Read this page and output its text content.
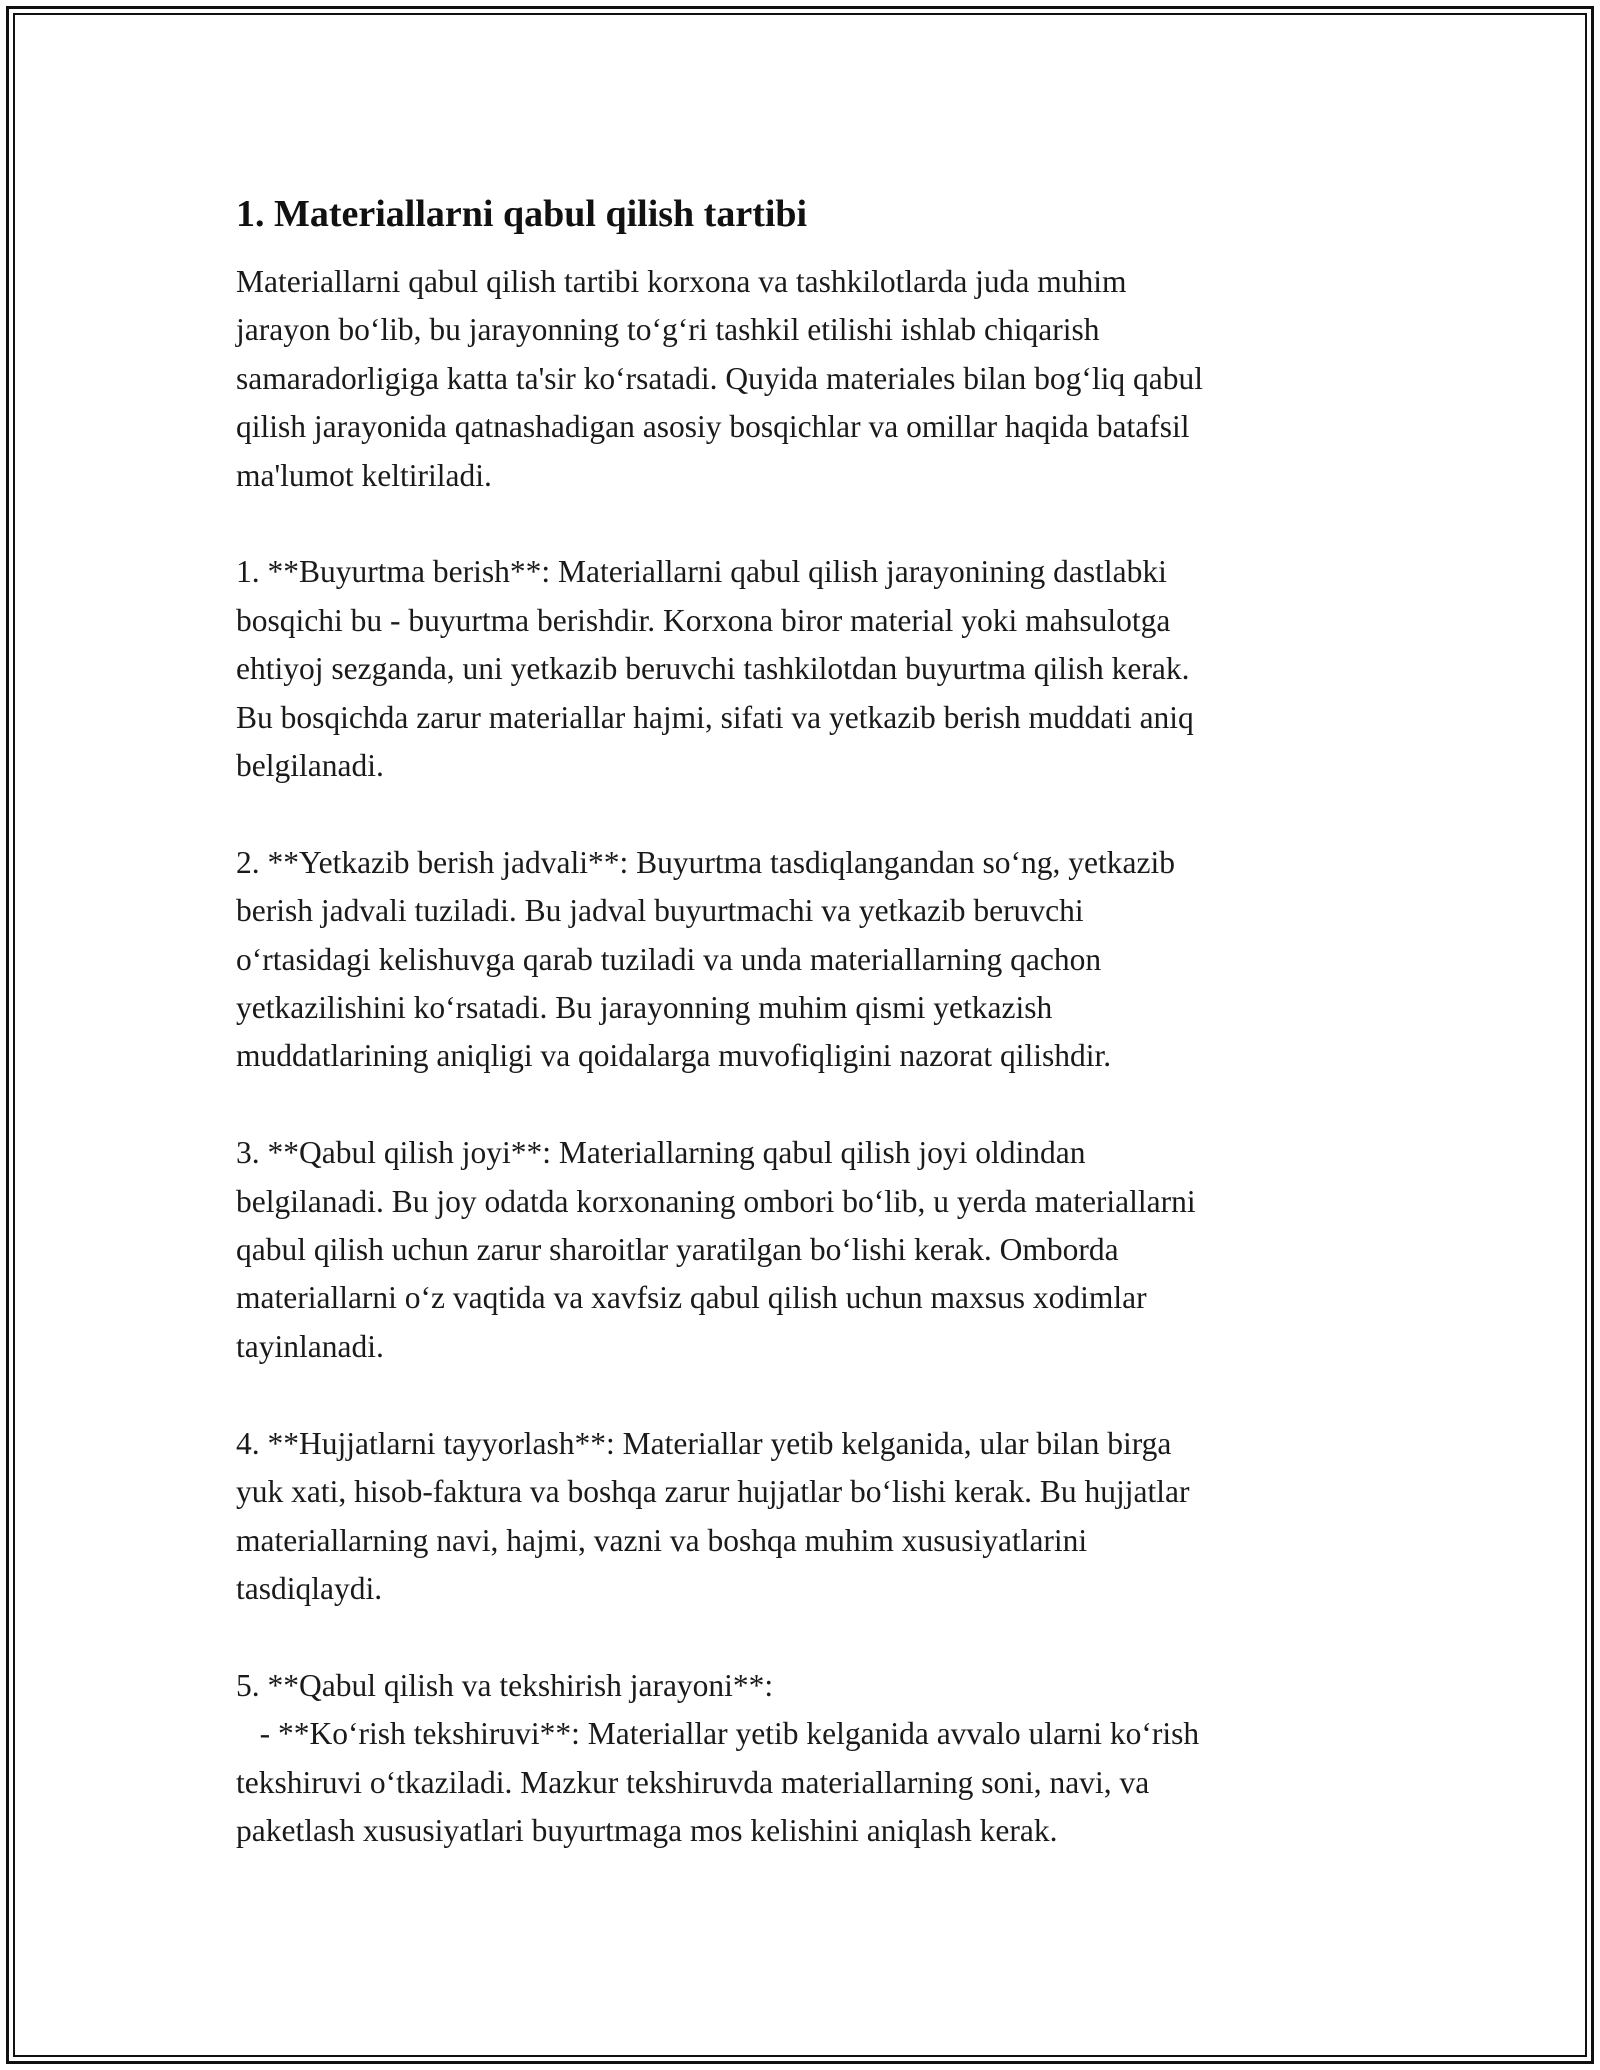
1. Materiallarni qabul qilish tartibi

Materiallarni qabul qilish tartibi korxona va tashkilotlarda juda muhim
jarayon bo‘lib, bu jarayonning to‘g‘ri tashkil etilishi ishlab chiqarish
samaradorligiga katta ta'sir ko‘rsatadi. Quyida materiales bilan bog‘liq qabul
qilish jarayonida qatnashadigan asosiy bosqichlar va omillar haqida batafsil
ma'lumot keltiriladi.

1. **Buyurtma berish**: Materiallarni qabul qilish jarayonining dastlabki
bosqichi bu - buyurtma berishdir. Korxona biror material yoki mahsulotga
ehtiyoj sezganda, uni yetkazib beruvchi tashkilotdan buyurtma qilish kerak.
Bu bosqichda zarur materiallar hajmi, sifati va yetkazib berish muddati aniq
belgilanadi.

2. **Yetkazib berish jadvali**: Buyurtma tasdiqlangandan so‘ng, yetkazib
berish jadvali tuziladi. Bu jadval buyurtmachi va yetkazib beruvchi
o‘rtasidagi kelishuvga qarab tuziladi va unda materiallarning qachon
yetkazilishini ko‘rsatadi. Bu jarayonning muhim qismi yetkazish
muddatlarining aniqligi va qoidalarga muvofiqligini nazorat qilishdir.

3. **Qabul qilish joyi**: Materiallarning qabul qilish joyi oldindan
belgilanadi. Bu joy odatda korxonaning ombori bo‘lib, u yerda materiallarni
qabul qilish uchun zarur sharoitlar yaratilgan bo‘lishi kerak. Omborda
materiallarni o‘z vaqtida va xavfsiz qabul qilish uchun maxsus xodimlar
tayinlanadi.

4. **Hujjatlarni tayyorlash**: Materiallar yetib kelganida, ular bilan birga
yuk xati, hisob-faktura va boshqa zarur hujjatlar bo‘lishi kerak. Bu hujjatlar
materiallarning navi, hajmi, vazni va boshqa muhim xususiyatlarini
tasdiqlaydi.

5. **Qabul qilish va tekshirish jarayoni**:
- **Ko‘rish tekshiruvi**: Materiallar yetib kelganida avvalo ularni ko‘rish
tekshiruvi o‘tkaziladi. Mazkur tekshiruvda materiallarning soni, navi, va
paketlash xususiyatlari buyurtmaga mos kelishini aniqlash kerak.
